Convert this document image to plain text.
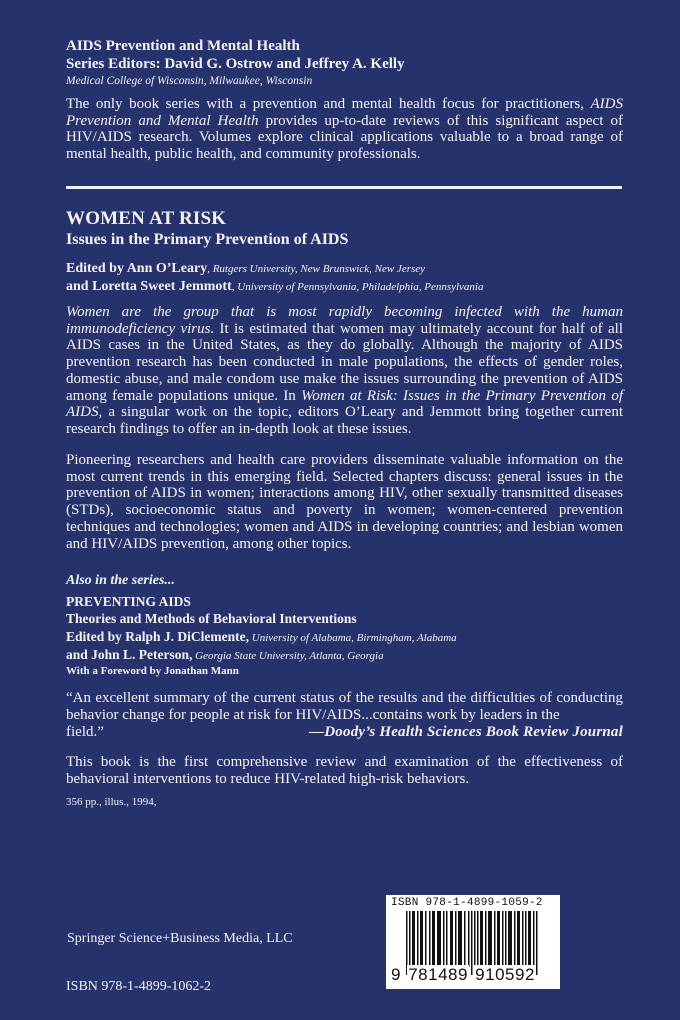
AIDS Prevention and Mental Health
Series Editors: David G. Ostrow and Jeffrey A. Kelly
Medical College of Wisconsin, Milwaukee, Wisconsin
The only book series with a prevention and mental health focus for practitioners, AIDS Prevention and Mental Health provides up-to-date reviews of this significant aspect of HIV/AIDS research. Volumes explore clinical applications valuable to a broad range of mental health, public health, and community professionals.
WOMEN AT RISK
Issues in the Primary Prevention of AIDS
Edited by Ann O’Leary, Rutgers University, New Brunswick, New Jersey
and Loretta Sweet Jemmott, University of Pennsylvania, Philadelphia, Pennsylvania
Women are the group that is most rapidly becoming infected with the human immunodeficiency virus. It is estimated that women may ultimately account for half of all AIDS cases in the United States, as they do globally. Although the majority of AIDS prevention research has been conducted in male populations, the effects of gender roles, domestic abuse, and male condom use make the issues surrounding the prevention of AIDS among female populations unique. In Women at Risk: Issues in the Primary Prevention of AIDS, a singular work on the topic, editors O’Leary and Jemmott bring together current research findings to offer an in-depth look at these issues.
Pioneering researchers and health care providers disseminate valuable information on the most current trends in this emerging field. Selected chapters discuss: general issues in the prevention of AIDS in women; interactions among HIV, other sexually transmitted diseases (STDs), socioeconomic status and poverty in women; women-centered prevention techniques and technologies; women and AIDS in developing countries; and lesbian women and HIV/AIDS prevention, among other topics.
Also in the series...
PREVENTING AIDS
Theories and Methods of Behavioral Interventions
Edited by Ralph J. DiClemente, University of Alabama, Birmingham, Alabama
and John L. Peterson, Georgia State University, Atlanta, Georgia
With a Foreword by Jonathan Mann
“An excellent summary of the current status of the results and the difficulties of conducting behavior change for people at risk for HIV/AIDS...contains work by leaders in the
field.”	—Doody’s Health Sciences Book Review Journal
This book is the first comprehensive review and examination of the effectiveness of behavioral interventions to reduce HIV-related high-risk behaviors.
356 pp., illus., 1994,
Springer Science+Business Media, LLC
ISBN 978-1-4899-1062-2
ISBN 978-1-4899-1059-2
9 781489 910592
